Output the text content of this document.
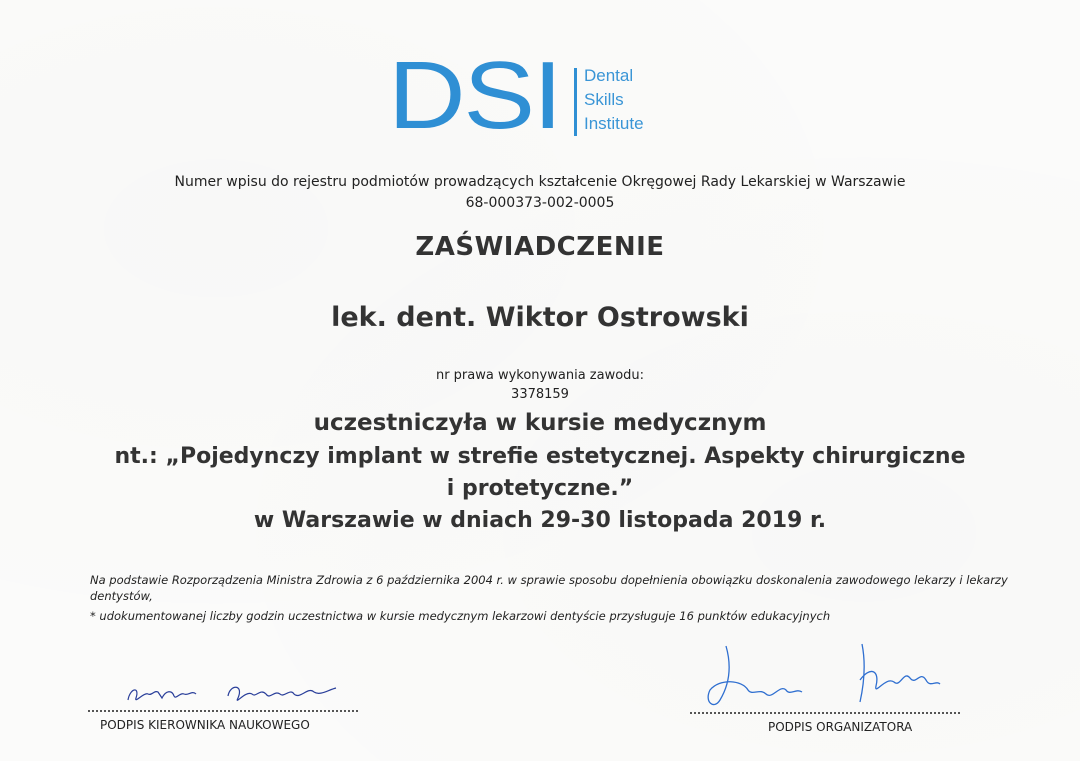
DSI Dental
Skills
Institute
Numer wpisu do rejestru podmiotów prowadzących kształcenie Okręgowej Rady Lekarskiej w Warszawie
68-000373-002-0005
ZAŚWIADCZENIE
lek. dent. Wiktor Ostrowski
nr prawa wykonywania zawodu:
3378159
uczestniczyła w kursie medycznym
nt.: „Pojedynczy implant w strefie estetycznej. Aspekty chirurgiczne
i protetyczne.”
w Warszawie w dniach 29-30 listopada 2019 r.
Na podstawie Rozporządzenia Ministra Zdrowia z 6 października 2004 r. w sprawie sposobu dopełnienia obowiązku doskonalenia zawodowego lekarzy i lekarzy dentystów,
* udokumentowanej liczby godzin uczestnictwa w kursie medycznym lekarzowi dentyście przysługuje 16 punktów edukacyjnych
PODPIS KIEROWNIKA NAUKOWEGO	PODPIS ORGANIZATORA
